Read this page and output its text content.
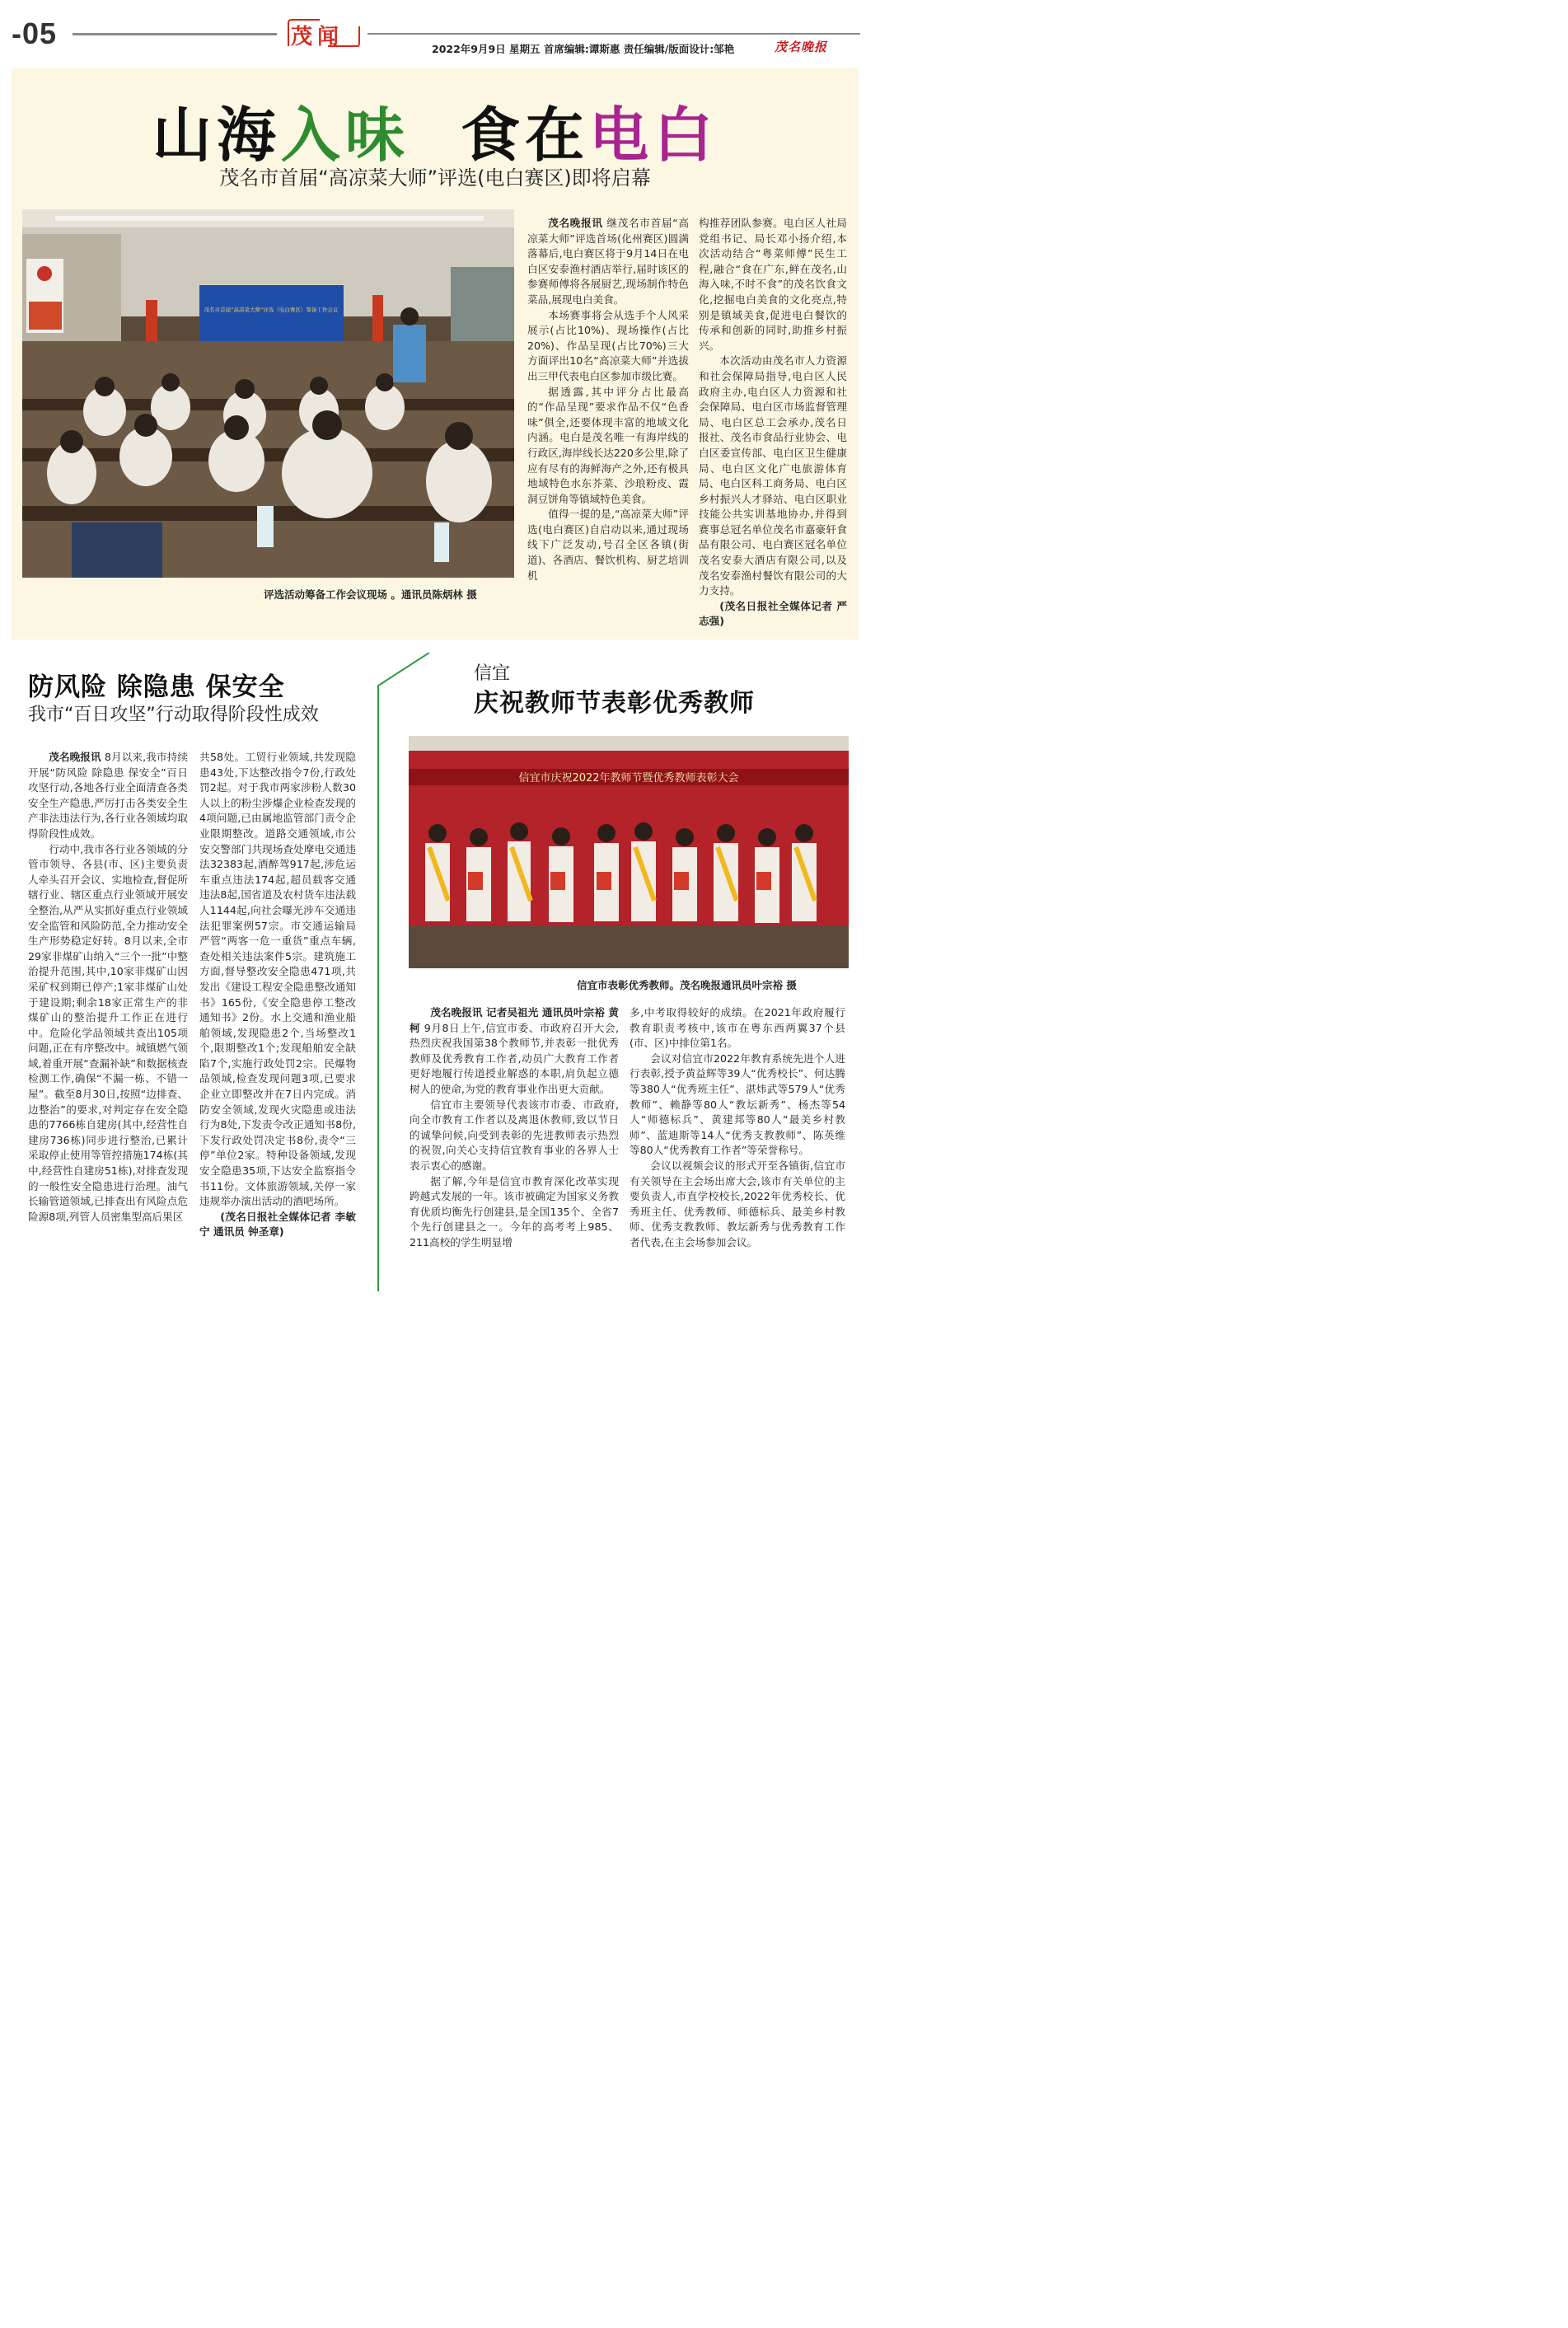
-05	茂闻	2022年9月9日 星期五 首席编辑:谭斯惠 责任编辑/版面设计:邹艳	茂名晚报
山海入味 食在电白
茂名市首届“高凉菜大师”评选(电白赛区)即将启幕
茂名市首届“高凉菜大师”评选（电白赛区）筹备工作会议
评选活动筹备工作会议现场 。通讯员陈炳林 摄

茂名晚报讯 继茂名市首届“高凉菜大师”评选首场(化州赛区)圆满落幕后,电白赛区将于9月14日在电白区安泰渔村酒店举行,届时该区的参赛师傅将各展厨艺,现场制作特色菜品,展现电白美食。

本场赛事将会从选手个人风采展示(占比10%)、现场操作(占比20%)、作品呈现(占比70%)三大方面评出10名“高凉菜大师”并选拔出三甲代表电白区参加市级比赛。

据透露,其中评分占比最高的“作品呈现”要求作品不仅“色香味”俱全,还要体现丰富的地域文化内涵。电白是茂名唯一有海岸线的行政区,海岸线长达220多公里,除了应有尽有的海鲜海产之外,还有极具地域特色水东芥菜、沙琅粉皮、霞洞豆饼角等镇域特色美食。

值得一提的是,“高凉菜大师”评选(电白赛区)自启动以来,通过现场线下广泛发动,号召全区各镇(街道)、各酒店、餐饮机构、厨艺培训机

构推荐团队参赛。电白区人社局党组书记、局长邓小扬介绍,本次活动结合“粤菜师傅”民生工程,融合“食在广东,鲜在茂名,山海入味,不时不食”的茂名饮食文化,挖掘电白美食的文化亮点,特别是镇域美食,促进电白餐饮的传承和创新的同时,助推乡村振兴。

本次活动由茂名市人力资源和社会保障局指导,电白区人民政府主办,电白区人力资源和社会保障局、电白区市场监督管理局、电白区总工会承办,茂名日报社、茂名市食品行业协会、电白区委宣传部、电白区卫生健康局、电白区文化广电旅游体育局、电白区科工商务局、电白区乡村振兴人才驿站、电白区职业技能公共实训基地协办,并得到赛事总冠名单位茂名市嘉豪轩食品有限公司、电白赛区冠名单位茂名安泰大酒店有限公司,以及茂名安泰渔村餐饮有限公司的大力支持。

(茂名日报社全媒体记者 严志强)

防风险 除隐患 保安全
我市“百日攻坚”行动取得阶段性成效

茂名晚报讯 8月以来,我市持续开展“防风险 除隐患 保安全”百日攻坚行动,各地各行业全面清查各类安全生产隐患,严厉打击各类安全生产非法违法行为,各行业各领域均取得阶段性成效。

行动中,我市各行业各领域的分管市领导、各县(市、区)主要负责人牵头召开会议、实地检查,督促所辖行业、辖区重点行业领域开展安全整治,从严从实抓好重点行业领域安全监管和风险防范,全力推动安全生产形势稳定好转。8月以来,全市29家非煤矿山纳入“三个一批”中整治提升范围,其中,10家非煤矿山因采矿权到期已停产;1家非煤矿山处于建设期;剩余18家正常生产的非煤矿山的整治提升工作正在进行中。危险化学品领域共查出105项问题,正在有序整改中。城镇燃气领域,着重开展“查漏补缺”和数据核查检测工作,确保“不漏一栋、不错一屋”。截至8月30日,按照“边排查、边整治”的要求,对判定存在安全隐患的7766栋自建房(其中,经营性自建房736栋)同步进行整治,已累计采取停止使用等管控措施174栋(其中,经营性自建房51栋),对排查发现的一般性安全隐患进行治理。油气长输管道领域,已排查出有风险点危险源8项,列管人员密集型高后果区

共58处。工贸行业领域,共发现隐患43处,下达整改指令7份,行政处罚2起。对于我市两家涉粉人数30人以上的粉尘涉爆企业检查发现的4项问题,已由属地监管部门责令企业限期整改。道路交通领域,市公安交警部门共现场查处摩电交通违法32383起,酒醉驾917起,涉危运车重点违法174起,超员载客交通违法8起,国省道及农村货车违法载人1144起,向社会曝光涉车交通违法犯罪案例57宗。市交通运输局严管“两客一危一重货”重点车辆,查处相关违法案件5宗。建筑施工方面,督导整改安全隐患471项,共发出《建设工程安全隐患整改通知书》165份,《安全隐患停工整改通知书》2份。水上交通和渔业船舶领域,发现隐患2个,当场整改1个,限期整改1个;发现船舶安全缺陷7个,实施行政处罚2宗。民爆物品领域,检查发现问题3项,已要求企业立即整改并在7日内完成。消防安全领域,发现火灾隐患或违法行为8处,下发责令改正通知书8份,下发行政处罚决定书8份,责令“三停”单位2家。特种设备领域,发现安全隐患35项,下达安全监察指令书11份。文体旅游领域,关停一家违规举办演出活动的酒吧场所。

(茂名日报社全媒体记者 李敏宁 通讯员 钟圣章)

信宜
庆祝教师节表彰优秀教师
信宜市庆祝2022年教师节暨优秀教师表彰大会
信宜市表彰优秀教师。茂名晚报通讯员叶宗裕 摄

茂名晚报讯 记者吴祖光 通讯员叶宗裕 黄柯 9月8日上午,信宜市委、市政府召开大会,热烈庆祝我国第38个教师节,并表彰一批优秀教师及优秀教育工作者,动员广大教育工作者更好地履行传道授业解惑的本职,肩负起立德树人的使命,为党的教育事业作出更大贡献。

信宜市主要领导代表该市市委、市政府,向全市教育工作者以及离退休教师,致以节日的诚挚问候,向受到表彰的先进教师表示热烈的祝贺,向关心支持信宜教育事业的各界人士表示衷心的感谢。

据了解,今年是信宜市教育深化改革实现跨越式发展的一年。该市被确定为国家义务教育优质均衡先行创建县,是全国135个、全省7个先行创建县之一。今年的高考考上985、211高校的学生明显增

多,中考取得较好的成绩。在2021年政府履行教育职责考核中,该市在粤东西两翼37个县(市、区)中排位第1名。

会议对信宜市2022年教育系统先进个人进行表彰,授予黄益辉等39人“优秀校长”、何达腾等380人“优秀班主任”、湛炜武等579人“优秀教师”、赖静等80人“教坛新秀”、杨杰等54人“师德标兵”、黄建邦等80人“最美乡村教师”、蓝迪斯等14人“优秀支教教师”、陈英维等80人“优秀教育工作者”等荣誉称号。

会议以视频会议的形式开至各镇街,信宜市有关领导在主会场出席大会,该市有关单位的主要负责人,市直学校校长,2022年优秀校长、优秀班主任、优秀教师、师德标兵、最美乡村教师、优秀支教教师、教坛新秀与优秀教育工作者代表,在主会场参加会议。
